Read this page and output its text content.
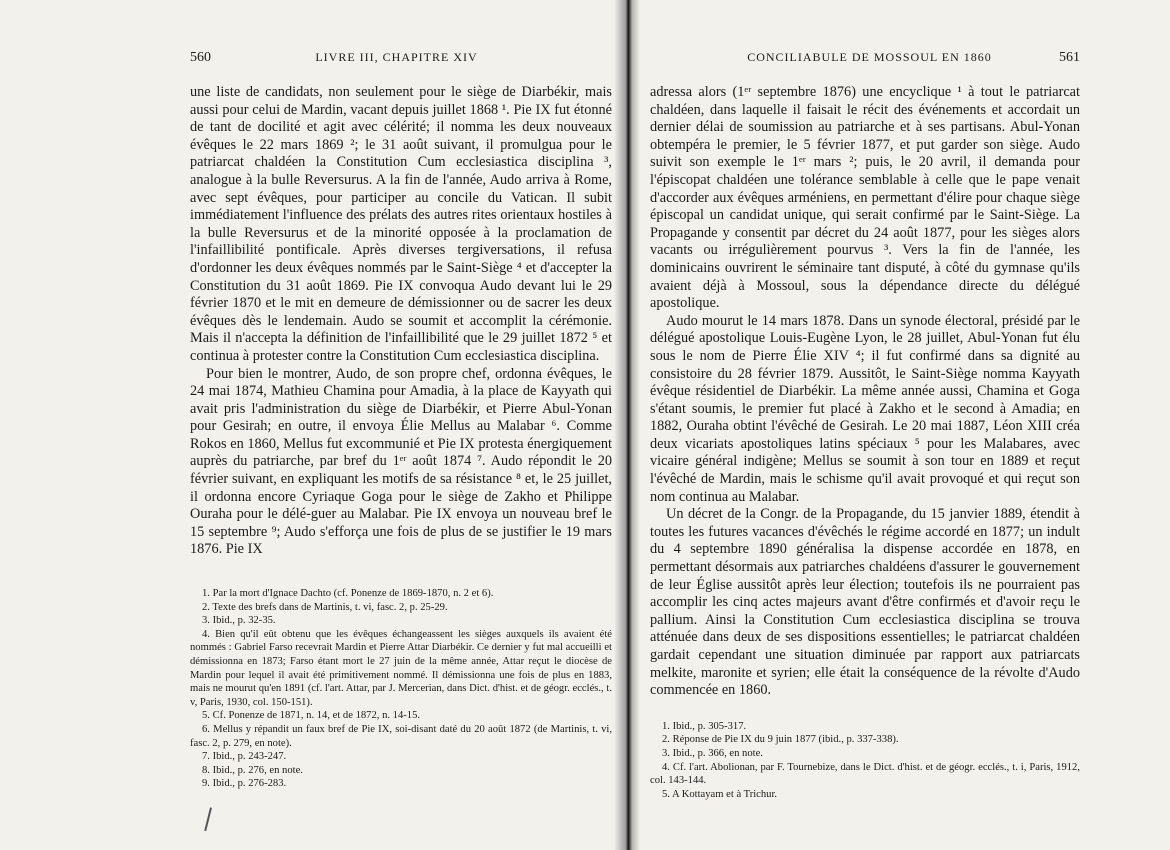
560	LIVRE III, CHAPITRE XIV

une liste de candidats, non seulement pour le siège de Diarbékir, mais aussi pour celui de Mardin, vacant depuis juillet 1868 ¹. Pie IX fut étonné de tant de docilité et agit avec célérité; il nomma les deux nouveaux évêques le 22 mars 1869 ²; le 31 août suivant, il promulgua pour le patriarcat chaldéen la Constitution Cum ecclesiastica disciplina ³, analogue à la bulle Reversurus. A la fin de l'année, Audo arriva à Rome, avec sept évêques, pour participer au concile du Vatican. Il subit immédiatement l'influence des prélats des autres rites orientaux hostiles à la bulle Reversurus et de la minorité opposée à la proclamation de l'infaillibilité pontificale. Après diverses tergiversations, il refusa d'ordonner les deux évêques nommés par le Saint-Siège ⁴ et d'accepter la Constitution du 31 août 1869. Pie IX convoqua Audo devant lui le 29 février 1870 et le mit en demeure de démissionner ou de sacrer les deux évêques dès le lendemain. Audo se soumit et accomplit la cérémonie. Mais il n'accepta la définition de l'infaillibilité que le 29 juillet 1872 ⁵ et continua à protester contre la Constitution Cum ecclesiastica disciplina.

Pour bien le montrer, Audo, de son propre chef, ordonna évêques, le 24 mai 1874, Mathieu Chamina pour Amadia, à la place de Kayyath qui avait pris l'administration du siège de Diarbékir, et Pierre Abul-Yonan pour Gesirah; en outre, il envoya Élie Mellus au Malabar ⁶. Comme Rokos en 1860, Mellus fut excommunié et Pie IX protesta énergiquement auprès du patriarche, par bref du 1ᵉʳ août 1874 ⁷. Audo répondit le 20 février suivant, en expliquant les motifs de sa résistance ⁸ et, le 25 juillet, il ordonna encore Cyriaque Goga pour le siège de Zakho et Philippe Ouraha pour le délé-guer au Malabar. Pie IX envoya un nouveau bref le 15 septembre ⁹; Audo s'efforça une fois de plus de se justifier le 19 mars 1876. Pie IX

1. Par la mort d'Ignace Dachto (cf. Ponenze de 1869-1870, n. 2 et 6).
2. Texte des brefs dans de Martinis, t. vi, fasc. 2, p. 25-29.
3. Ibid., p. 32-35.
4. Bien qu'il eût obtenu que les évêques échangeassent les sièges auxquels ils avaient été nommés : Gabriel Farso recevrait Mardin et Pierre Attar Diarbékir. Ce dernier y fut mal accueilli et démissionna en 1873; Farso étant mort le 27 juin de la même année, Attar reçut le diocèse de Mardin pour lequel il avait été primitivement nommé. Il démissionna une fois de plus en 1883, mais ne mourut qu'en 1891 (cf. l'art. Attar, par J. Mercerian, dans Dict. d'hist. et de géogr. ecclés., t. v, Paris, 1930, col. 150-151).
5. Cf. Ponenze de 1871, n. 14, et de 1872, n. 14-15.
6. Mellus y répandit un faux bref de Pie IX, soi-disant daté du 20 août 1872 (de Martinis, t. vi, fasc. 2, p. 279, en note).
7. Ibid., p. 243-247.
8. Ibid., p. 276, en note.
9. Ibid., p. 276-283.
CONCILIABULE DE MOSSOUL EN 1860	561

adressa alors (1ᵉʳ septembre 1876) une encyclique ¹ à tout le patriarcat chaldéen, dans laquelle il faisait le récit des événements et accordait un dernier délai de soumission au patriarche et à ses partisans. Abul-Yonan obtempéra le premier, le 5 février 1877, et put garder son siège. Audo suivit son exemple le 1ᵉʳ mars ²; puis, le 20 avril, il demanda pour l'épiscopat chaldéen une tolérance semblable à celle que le pape venait d'accorder aux évêques arméniens, en permettant d'élire pour chaque siège épiscopal un candidat unique, qui serait confirmé par le Saint-Siège. La Propagande y consentit par décret du 24 août 1877, pour les sièges alors vacants ou irrégulièrement pourvus ³. Vers la fin de l'année, les dominicains ouvrirent le séminaire tant disputé, à côté du gymnase qu'ils avaient déjà à Mossoul, sous la dépendance directe du délégué apostolique.

Audo mourut le 14 mars 1878. Dans un synode électoral, présidé par le délégué apostolique Louis-Eugène Lyon, le 28 juillet, Abul-Yonan fut élu sous le nom de Pierre Élie XIV ⁴; il fut confirmé dans sa dignité au consistoire du 28 février 1879. Aussitôt, le Saint-Siège nomma Kayyath évêque résidentiel de Diarbékir. La même année aussi, Chamina et Goga s'étant soumis, le premier fut placé à Zakho et le second à Amadia; en 1882, Ouraha obtint l'évêché de Gesirah. Le 20 mai 1887, Léon XIII créa deux vicariats apostoliques latins spéciaux ⁵ pour les Malabares, avec vicaire général indigène; Mellus se soumit à son tour en 1889 et reçut l'évêché de Mardin, mais le schisme qu'il avait provoqué et qui reçut son nom continua au Malabar.

Un décret de la Congr. de la Propagande, du 15 janvier 1889, étendit à toutes les futures vacances d'évêchés le régime accordé en 1877; un indult du 4 septembre 1890 généralisa la dispense accordée en 1878, en permettant désormais aux patriarches chaldéens d'assurer le gouvernement de leur Église aussitôt après leur élection; toutefois ils ne pourraient pas accomplir les cinq actes majeurs avant d'être confirmés et d'avoir reçu le pallium. Ainsi la Constitution Cum ecclesiastica disciplina se trouva atténuée dans deux de ses dispositions essentielles; le patriarcat chaldéen gardait cependant une situation diminuée par rapport aux patriarcats melkite, maronite et syrien; elle était la conséquence de la révolte d'Audo commencée en 1860.

1. Ibid., p. 305-317.
2. Réponse de Pie IX du 9 juin 1877 (ibid., p. 337-338).
3. Ibid., p. 366, en note.
4. Cf. l'art. Abolionan, par F. Tournebize, dans le Dict. d'hist. et de géogr. ecclés., t. i, Paris, 1912, col. 143-144.
5. A Kottayam et à Trichur.
